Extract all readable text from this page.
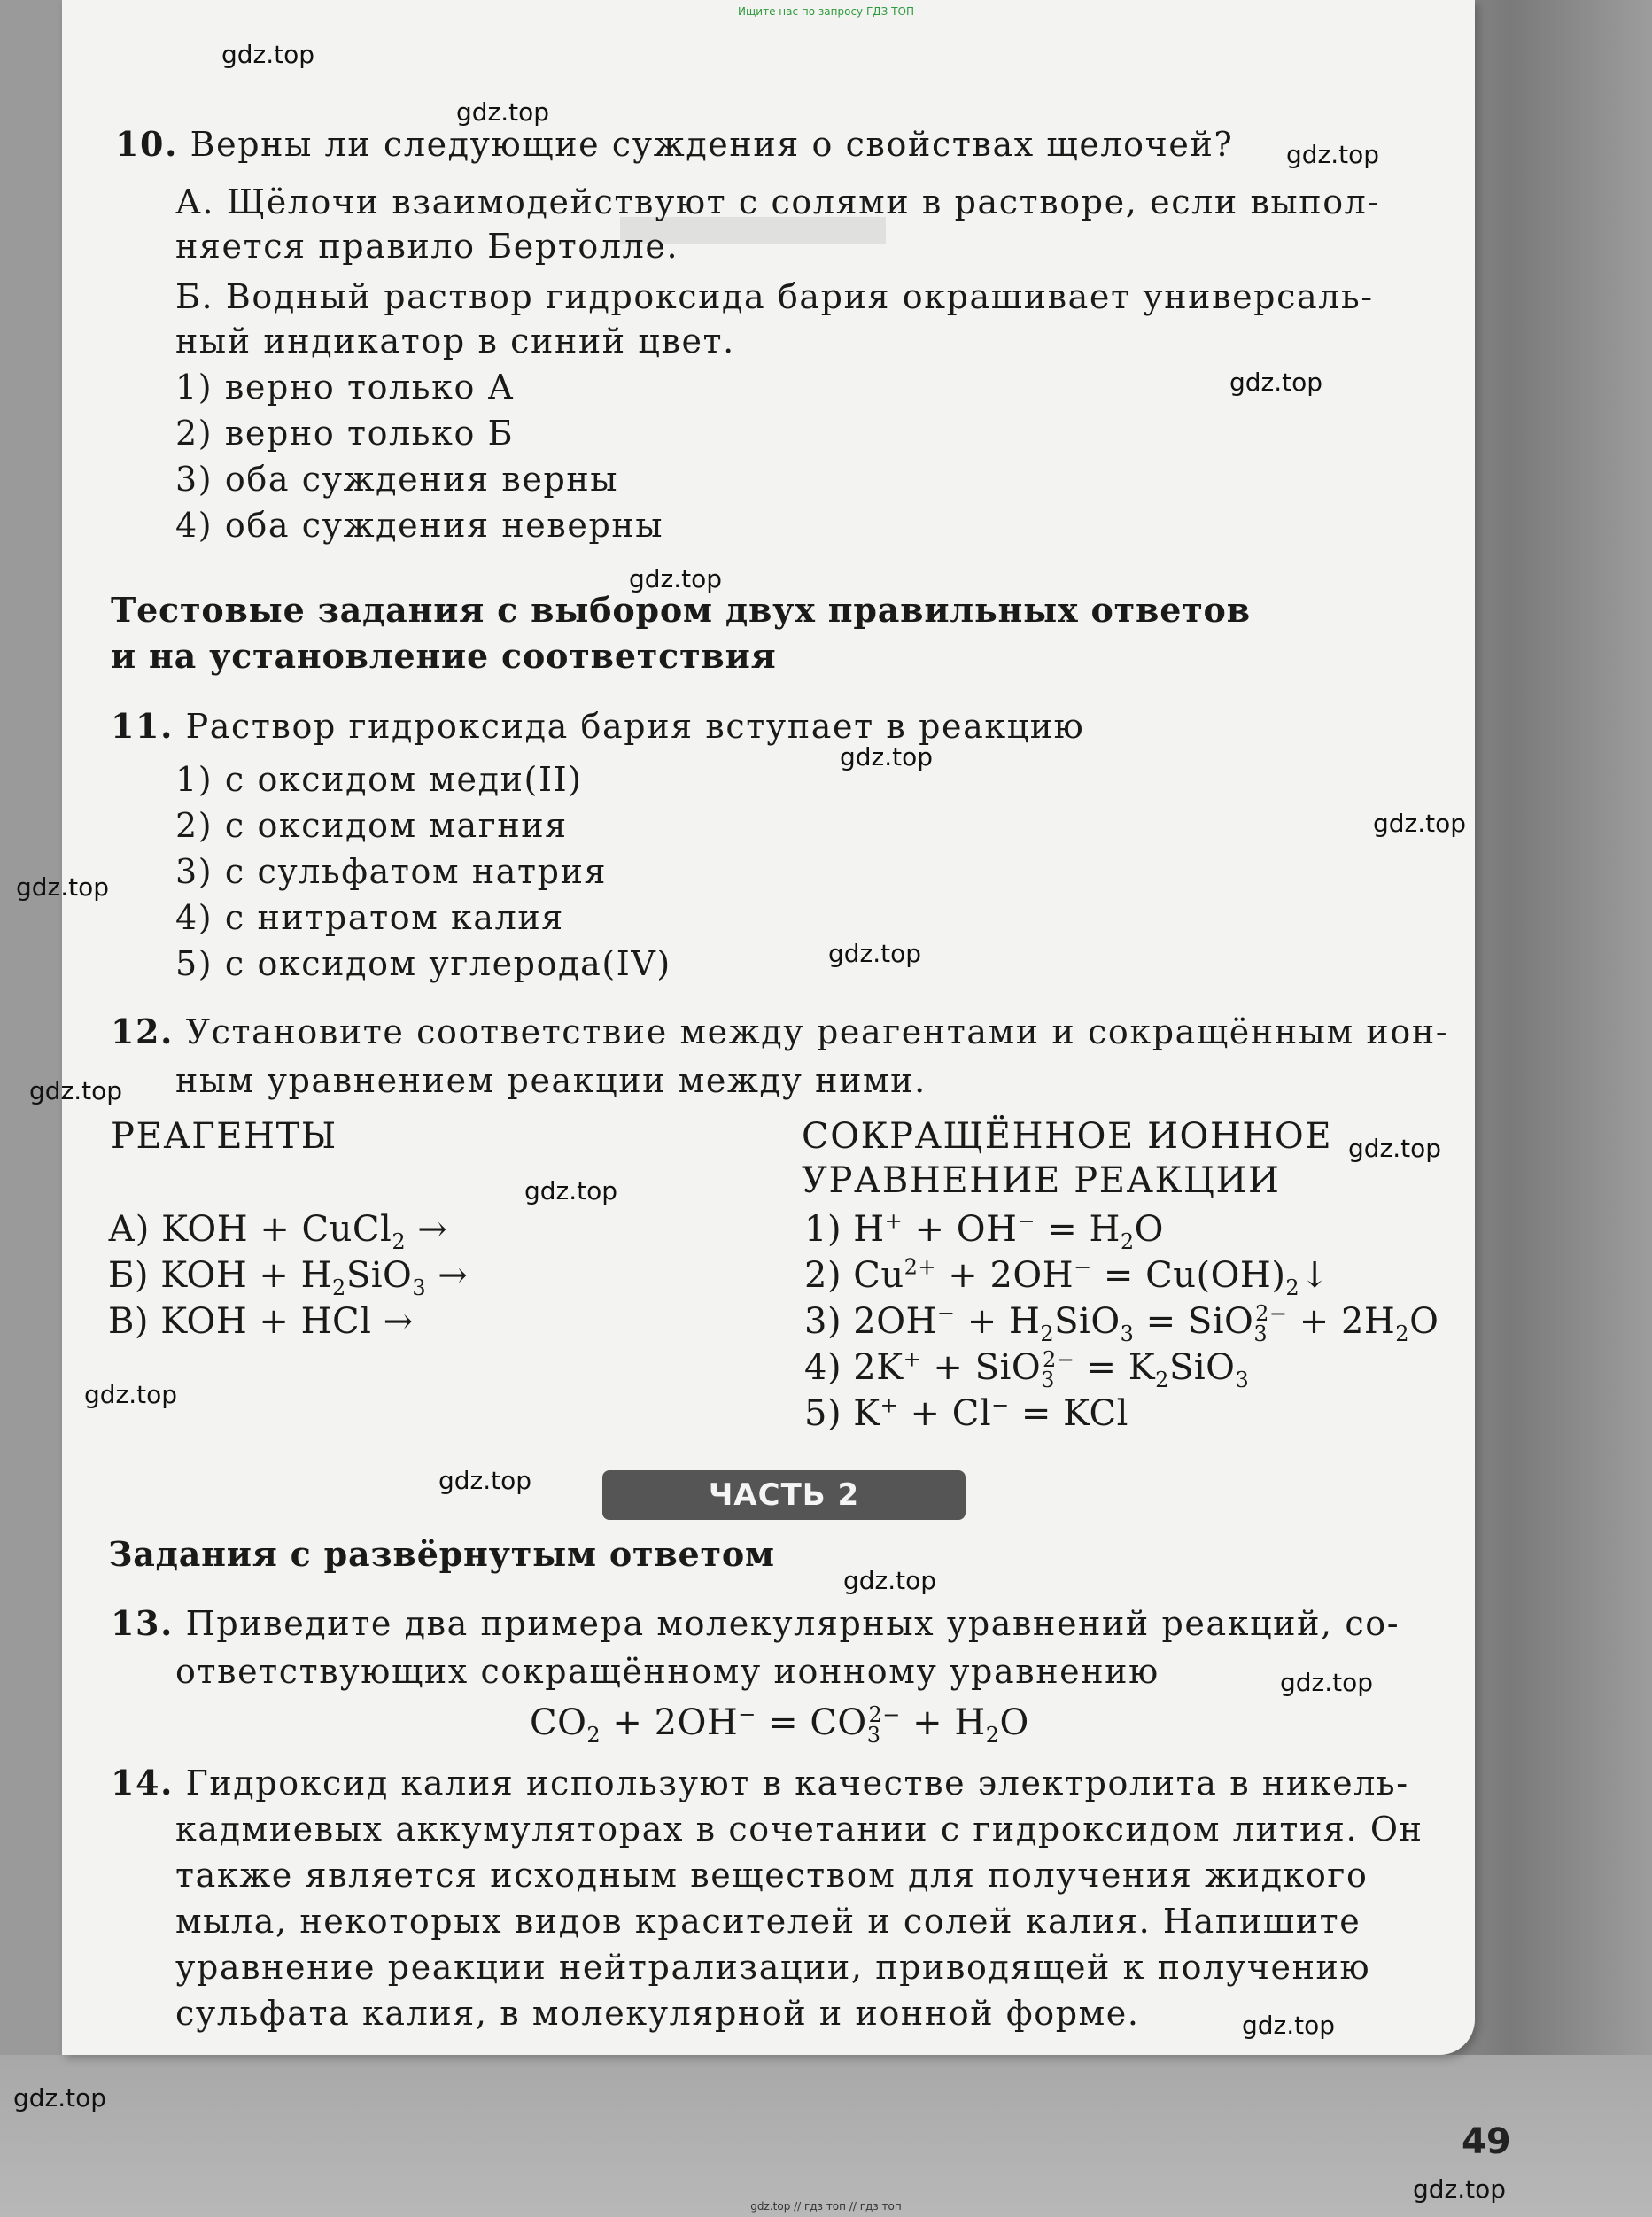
Ищите нас по запросу ГДЗ ТОП
10. Верны ли следующие суждения о свойствах щелочей?
А. Щёлочи взаимодействуют с солями в растворе, если выпол-
няется правило Бертолле.
Б. Водный раствор гидроксида бария окрашивает универсаль-
ный индикатор в синий цвет.
1) верно только А
2) верно только Б
3) оба суждения верны
4) оба суждения неверны
Тестовые задания с выбором двух правильных ответов
и на установление соответствия
11. Раствор гидроксида бария вступает в реакцию
1) с оксидом меди(II)
2) с оксидом магния
3) с сульфатом натрия
4) с нитратом калия
5) с оксидом углерода(IV)
12. Установите соответствие между реагентами и сокращённым ион-
ным уравнением реакции между ними.
РЕАГЕНТЫ	СОКРАЩЁННОЕ ИОННОЕ
УРАВНЕНИЕ РЕАКЦИИ
А) KOH + CuCl$_2$ →
Б) KOH + $H_2SiO_3$ →
В) KOH + HCl →
1) $H^+ + OH^- = H_2O$
2) $Cu^{2+} + 2OH^-$ = $Cu(OH)_2↓$
3) $2OH^- + H_2SiO_3 = SiO_3^{2-} + 2H_2O$
4) $2K^+ + SiO_3^{2-} = K_2SiO_3$
5) K+ + Cl− = KCl
ЧАСТЬ 2
Задания с развёрнутым ответом
13. Приведите два примера молекулярных уравнений реакций, со-
ответствующих сокращённому ионному уравнению
$CO_2 + 2OH^- = CO_3^{2-} + H_2O$
14. Гидроксид калия используют в качестве электролита в никель-
кадмиевых аккумуляторах в сочетании с гидроксидом лития. Он
также является исходным веществом для получения жидкого
мыла, некоторых видов красителей и солей калия. Напишите
уравнение реакции нейтрализации, приводящей к получению
сульфата калия, в молекулярной и ионной форме.
49
gdz.top
gdz.top
gdz.top
gdz.top
gdz.top
gdz.top
gdz.top
gdz.top
gdz.top
gdz.top
gdz.top
gdz.top
gdz.top
gdz.top
gdz.top
gdz.top
gdz.top
gdz.top
gdz.top
gdz.top // гдз топ // гдз топ
